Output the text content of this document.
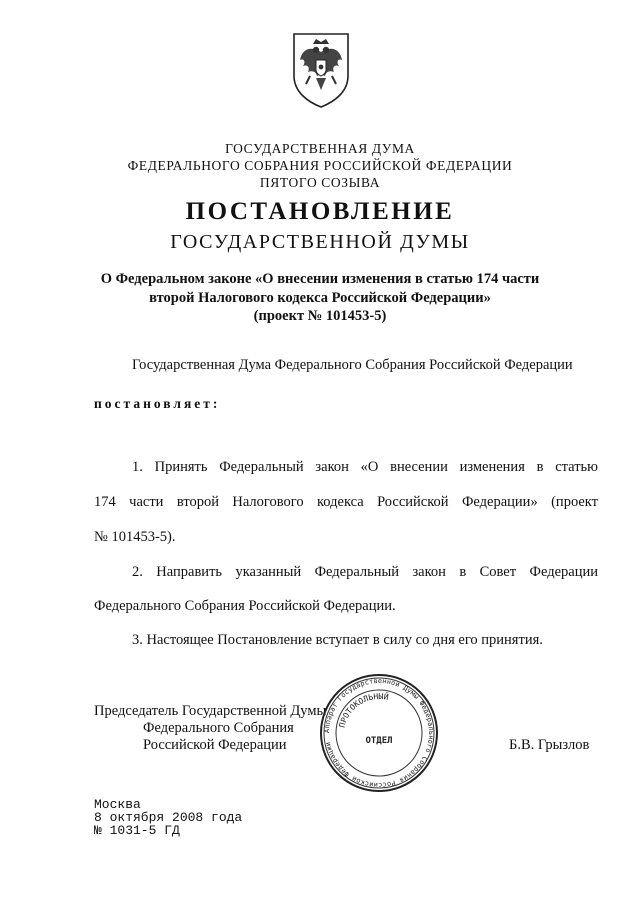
ГОСУДАРСТВЕННАЯ ДУМА
ФЕДЕРАЛЬНОГО СОБРАНИЯ РОССИЙСКОЙ ФЕДЕРАЦИИ
ПЯТОГО СОЗЫВА
ПОСТАНОВЛЕНИЕ
ГОСУДАРСТВЕННОЙ ДУМЫ
О Федеральном законе «О внесении изменения в статью 174 части
второй Налогового кодекса Российской Федерации»
(проект № 101453-5)
Государственная Дума Федерального Собрания Российской Федерации
постановляет:
1. Принять Федеральный закон «О внесении изменения в статью
174 части второй Налогового кодекса Российской Федерации» (проект
№ 101453-5).
2. Направить указанный Федеральный закон в Совет Федерации
Федерального Собрания Российской Федерации.
3. Настоящее Постановление вступает в силу со дня его принятия.
Председатель Государственной Думы
Федерального Собрания
Российской Федерации	Б.В. Грызлов
Аппарат Государственной Думы Федерального Собрания Российской Федерации
ПРОТОКОЛЬНЫЙ
ОТДЕЛ
Москва
8 октября 2008 года
№ 1031-5 ГД
